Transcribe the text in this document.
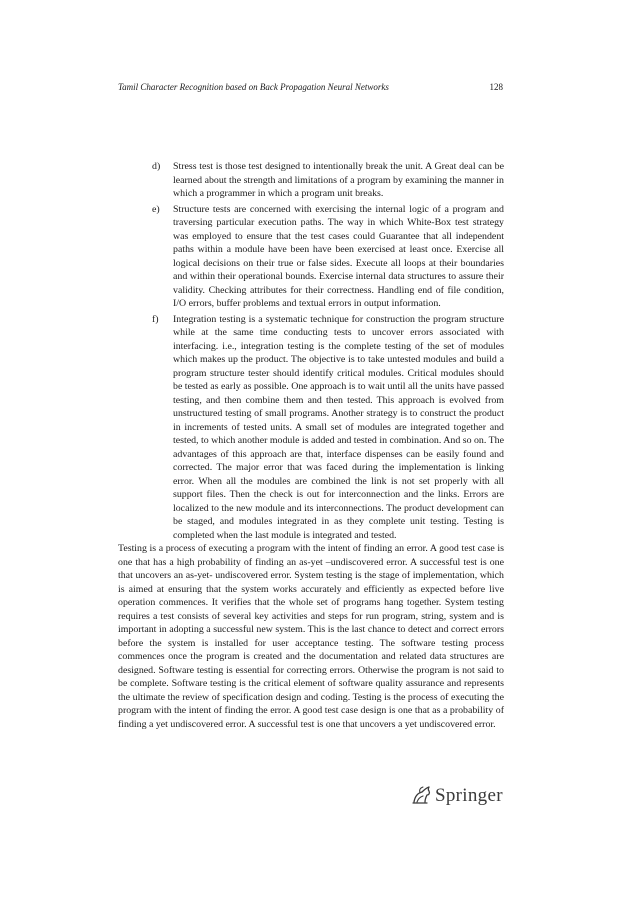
Tamil Character Recognition based on Back Propagation Neural Networks	128
d) Stress test is those test designed to intentionally break the unit. A Great deal can be learned about the strength and limitations of a program by examining the manner in which a programmer in which a program unit breaks.
e) Structure tests are concerned with exercising the internal logic of a program and traversing particular execution paths. The way in which White-Box test strategy was employed to ensure that the test cases could Guarantee that all independent paths within a module have been have been exercised at least once. Exercise all logical decisions on their true or false sides. Execute all loops at their boundaries and within their operational bounds. Exercise internal data structures to assure their validity. Checking attributes for their correctness. Handling end of file condition, I/O errors, buffer problems and textual errors in output information.
f) Integration testing is a systematic technique for construction the program structure while at the same time conducting tests to uncover errors associated with interfacing. i.e., integration testing is the complete testing of the set of modules which makes up the product. The objective is to take untested modules and build a program structure tester should identify critical modules. Critical modules should be tested as early as possible. One approach is to wait until all the units have passed testing, and then combine them and then tested. This approach is evolved from unstructured testing of small programs. Another strategy is to construct the product in increments of tested units. A small set of modules are integrated together and tested, to which another module is added and tested in combination. And so on. The advantages of this approach are that, interface dispenses can be easily found and corrected. The major error that was faced during the implementation is linking error. When all the modules are combined the link is not set properly with all support files. Then the check is out for interconnection and the links. Errors are localized to the new module and its interconnections. The product development can be staged, and modules integrated in as they complete unit testing. Testing is completed when the last module is integrated and tested.

Testing is a process of executing a program with the intent of finding an error. A good test case is one that has a high probability of finding an as-yet –undiscovered error. A successful test is one that uncovers an as-yet- undiscovered error. System testing is the stage of implementation, which is aimed at ensuring that the system works accurately and efficiently as expected before live operation commences. It verifies that the whole set of programs hang together. System testing requires a test consists of several key activities and steps for run program, string, system and is important in adopting a successful new system. This is the last chance to detect and correct errors before the system is installed for user acceptance testing. The software testing process commences once the program is created and the documentation and related data structures are designed. Software testing is essential for correcting errors. Otherwise the program is not said to be complete. Software testing is the critical element of software quality assurance and represents the ultimate the review of specification design and coding. Testing is the process of executing the program with the intent of finding the error. A good test case design is one that as a probability of finding a yet undiscovered error. A successful test is one that uncovers a yet undiscovered error.

Springer
